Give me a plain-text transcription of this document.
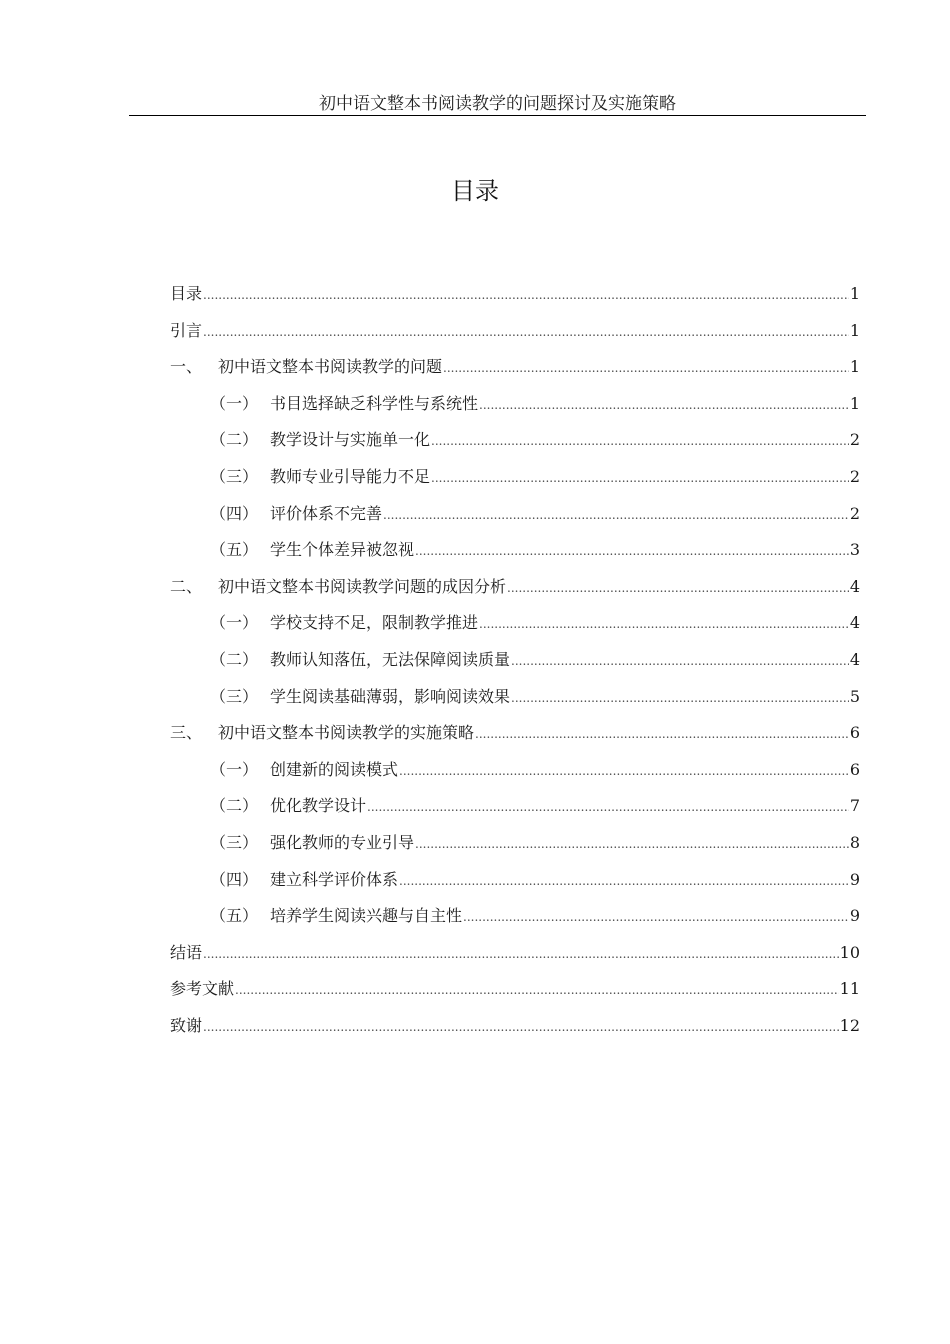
初中语文整本书阅读教学的问题探讨及实施策略
目录
目录 .....	1
引言 .....	1
一、 初中语文整本书阅读教学的问题 .....	1
（一） 书目选择缺乏科学性与系统性 .....	1
（二） 教学设计与实施单一化 .....	2
（三） 教师专业引导能力不足 .....	2
（四） 评价体系不完善 .....	2
（五） 学生个体差异被忽视 .....	3
二、 初中语文整本书阅读教学问题的成因分析 .....	4
（一） 学校支持不足，限制教学推进 .....	4
（二） 教师认知落伍，无法保障阅读质量 .....	4
（三） 学生阅读基础薄弱，影响阅读效果 .....	5
三、 初中语文整本书阅读教学的实施策略 .....	6
（一） 创建新的阅读模式 .....	6
（二） 优化教学设计 .....	7
（三） 强化教师的专业引导 .....	8
（四） 建立科学评价体系 .....	9
（五） 培养学生阅读兴趣与自主性 .....	9
结语 .....	10
参考文献 .....	11
致谢 .....	12
